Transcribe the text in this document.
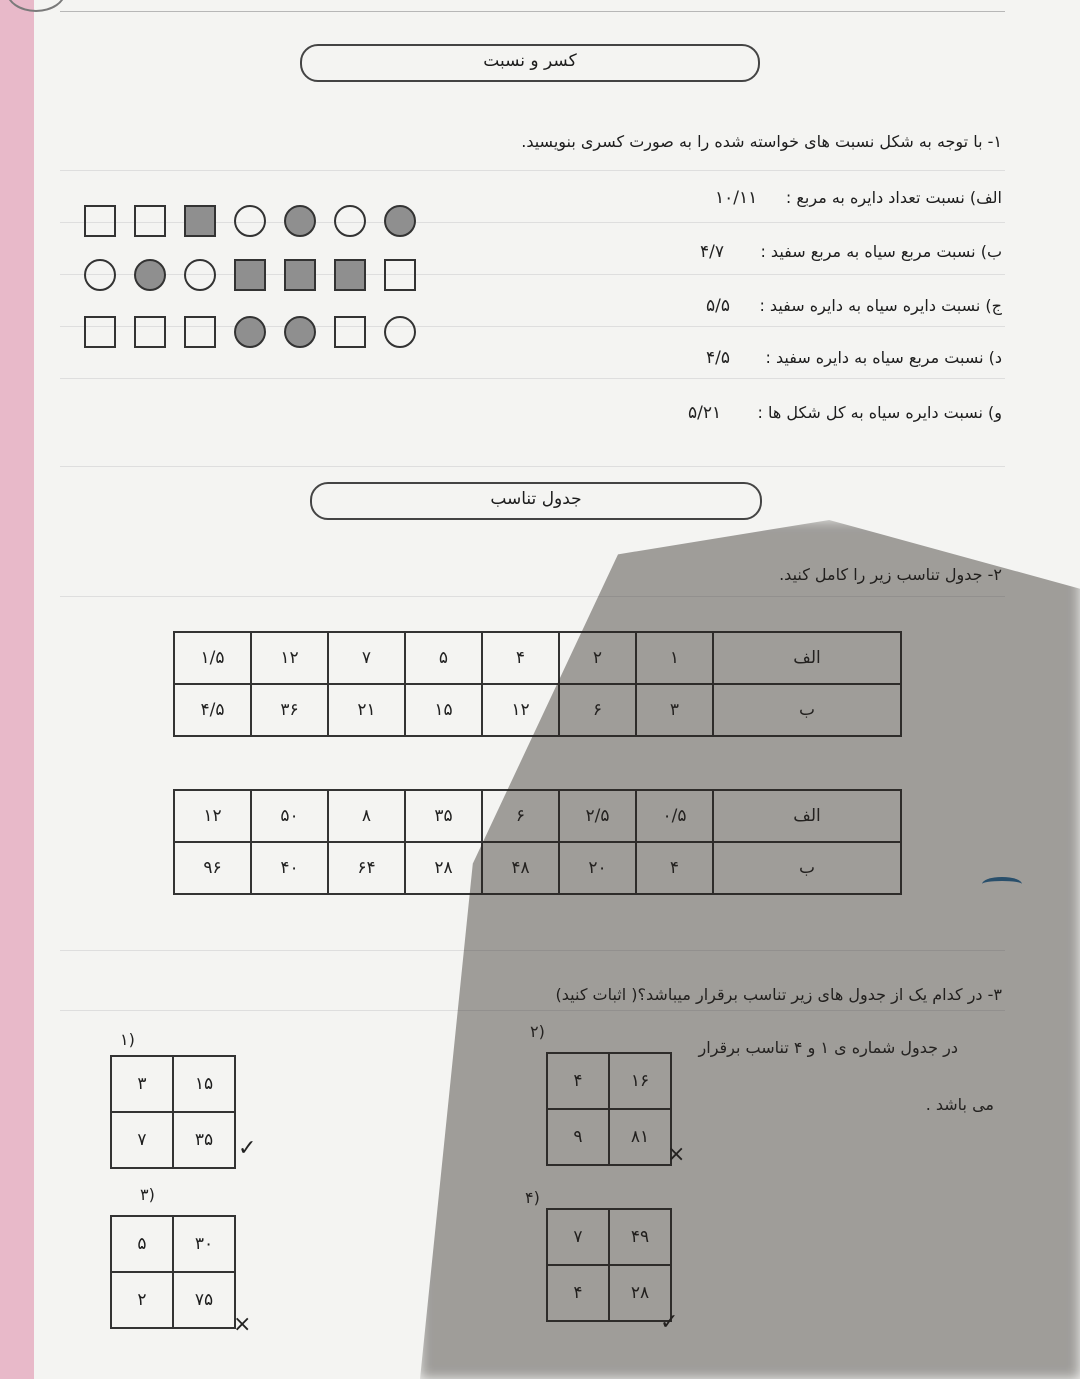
کسر و نسبت
۱- با توجه به شکل نسبت های خواسته شده را به صورت کسری بنویسید.
الف) نسبت تعداد دایره به مربع :
۱۰/۱۱
ب) نسبت مربع سیاه به مربع سفید :
۴/۷
ج) نسبت دایره سیاه به دایره سفید :
۵/۵
د) نسبت مربع سیاه به دایره سفید :
۴/۵
و) نسبت دایره سیاه به کل شکل ها :
۵/۲۱
جدول تناسب
۲- جدول تناسب زیر را کامل کنید.
۱/۵	۱۲	۷	۵	۴	۲	۱	الف
۴/۵	۳۶	۲۱	۱۵	۱۲	۶	۳	ب
۱۲	۵۰	۸	۳۵	۶	۲/۵	۰/۵	الف
۹۶	۴۰	۶۴	۲۸	۴۸	۲۰	۴	ب
۳- در کدام یک از جدول های زیر تناسب برقرار میباشد؟( اثبات کنید)
در جدول شماره ی ۱ و ۴ تناسب برقرار
می باشد .
۱)
۳	۱۵
۷	۳۵ ✓
۲)
۴	۱۶
۹	۸۱
×
۳)
۵	۳۰
۲	۷۵
×
۴)
۷	۴۹
۴	۲۸
✓
